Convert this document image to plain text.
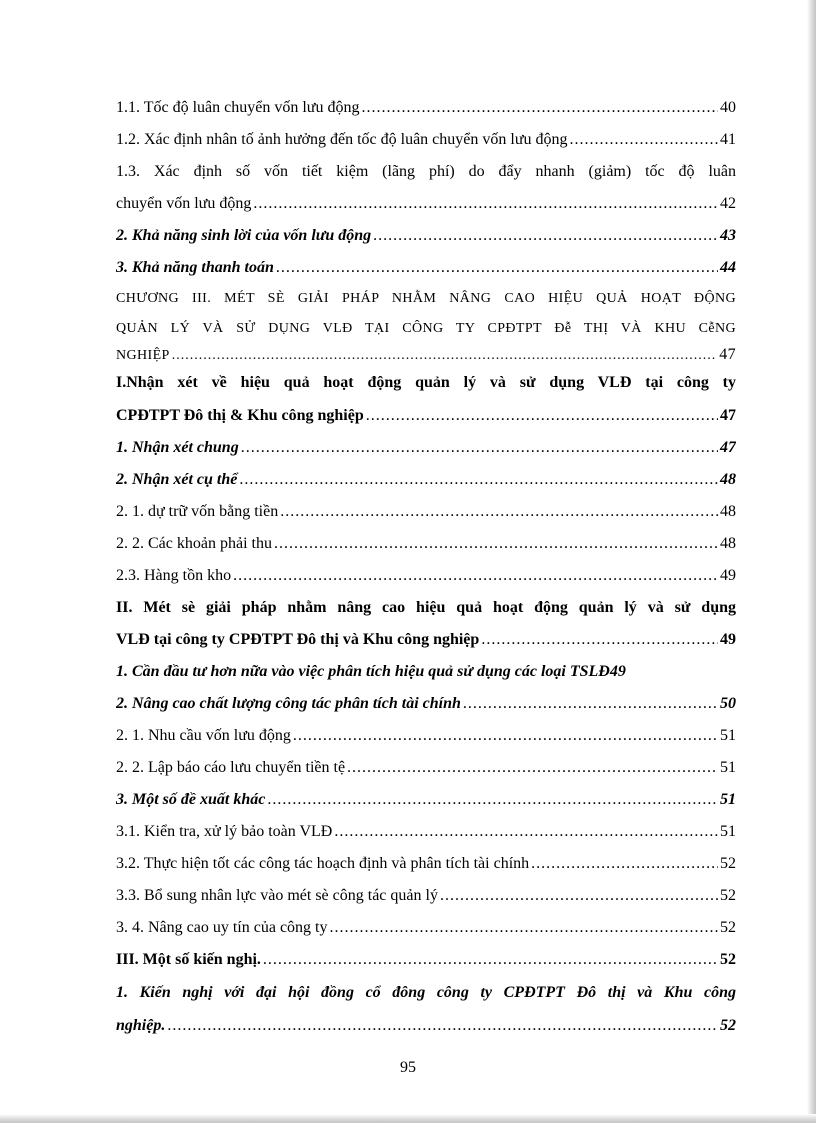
1.1. Tốc độ luân chuyển vốn lưu động .....	40
1.2. Xác định nhân tố ảnh hưởng đến tốc độ luân chuyển vốn lưu động .....	41
1.3. Xác định số vốn tiết kiệm (lãng phí) do đẩy nhanh (giảm) tốc độ luân
chuyển vốn lưu động .....	42
2. Khả năng sinh lời của vốn lưu động .....	43
3. Khả năng thanh toán .....	44
CHƯƠNG III. MÉT SÈ GIẢI PHÁP NHẰM NÂNG CAO HIỆU QUẢ HOẠT ĐỘNG
QUẢN LÝ VÀ SỬ DỤNG VLĐ TẠI CÔNG TY CPĐTPT Đễ THỊ VÀ KHU CễNG
NGHIỆP .....	47
I.Nhận xét về hiệu quả hoạt động quản lý và sử dụng VLĐ tại công ty
CPĐTPT Đô thị & Khu công nghiệp .....	47
1. Nhận xét chung .....	47
2. Nhận xét cụ thể .....	48
2. 1. dự trữ vốn bằng tiền .....	48
2. 2. Các khoản phải thu .....	48
2.3. Hàng tồn kho .....	49
II. Mét sè giải pháp nhằm nâng cao hiệu quả hoạt động quản lý và sử dụng
VLĐ tại công ty CPĐTPT Đô thị và Khu công nghiệp .....	49
1. Cần đầu tư hơn nữa vào việc phân tích hiệu quả sử dụng các loại TSLĐ49
2. Nâng cao chất lượng công tác phân tích tài chính .....	50
2. 1. Nhu cầu vốn lưu động .....	51
2. 2. Lập báo cáo lưu chuyển tiền tệ .....	51
3. Một số đề xuất khác .....	51
3.1. Kiển tra, xử lý bảo toàn VLĐ .....	51
3.2. Thực hiện tốt các công tác hoạch định và phân tích tài chính .....	52
3.3. Bổ sung nhân lực vào mét sè công tác quản lý .....	52
3. 4. Nâng cao uy tín của công ty .....	52
III. Một số kiến nghị. .....	52
1. Kiến nghị với đại hội đồng cổ đông công ty CPĐTPT Đô thị và Khu công
nghiệp. .....	52
95
